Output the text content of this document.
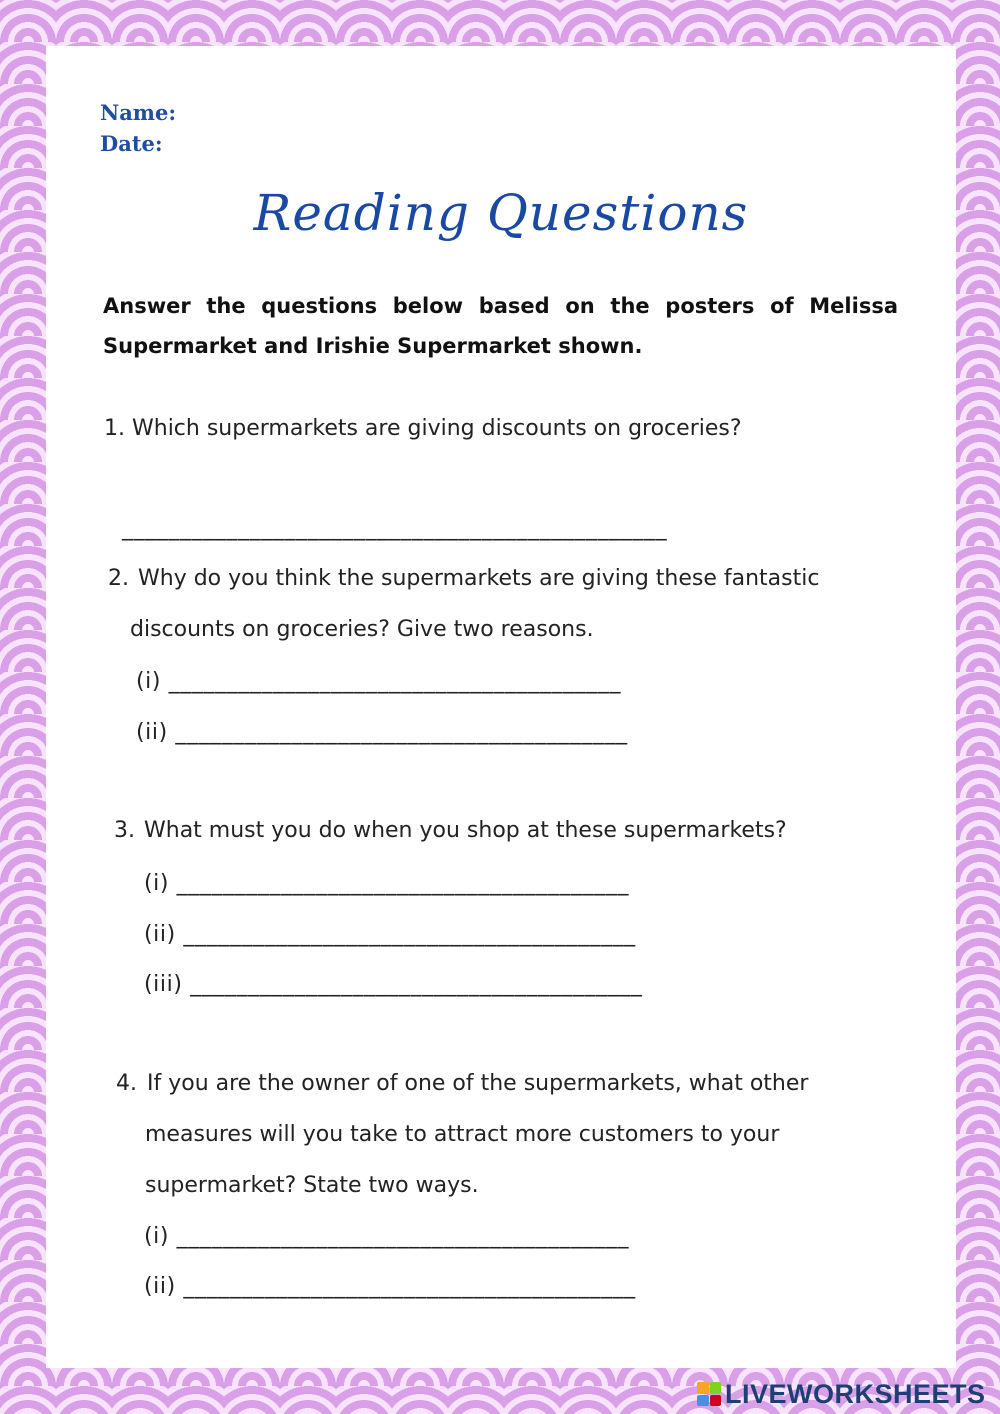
Name:
Date:
Reading Questions
Answer the questions below based on the posters of Melissa Supermarket and Irishie Supermarket shown.
1. Which supermarkets are giving discounts on groceries?
_______________________________________________
2. Why do you think the supermarkets are giving these fantastic
discounts on groceries? Give two reasons.
(i) _______________________________________
(ii) _______________________________________
3. What must you do when you shop at these supermarkets?
(i) _______________________________________
(ii) _______________________________________
(iii) _______________________________________
4. If you are the owner of one of the supermarkets, what other
measures will you take to attract more customers to your
supermarket? State two ways.
(i) _______________________________________
(ii) _______________________________________
LIVEWORKSHEETS
